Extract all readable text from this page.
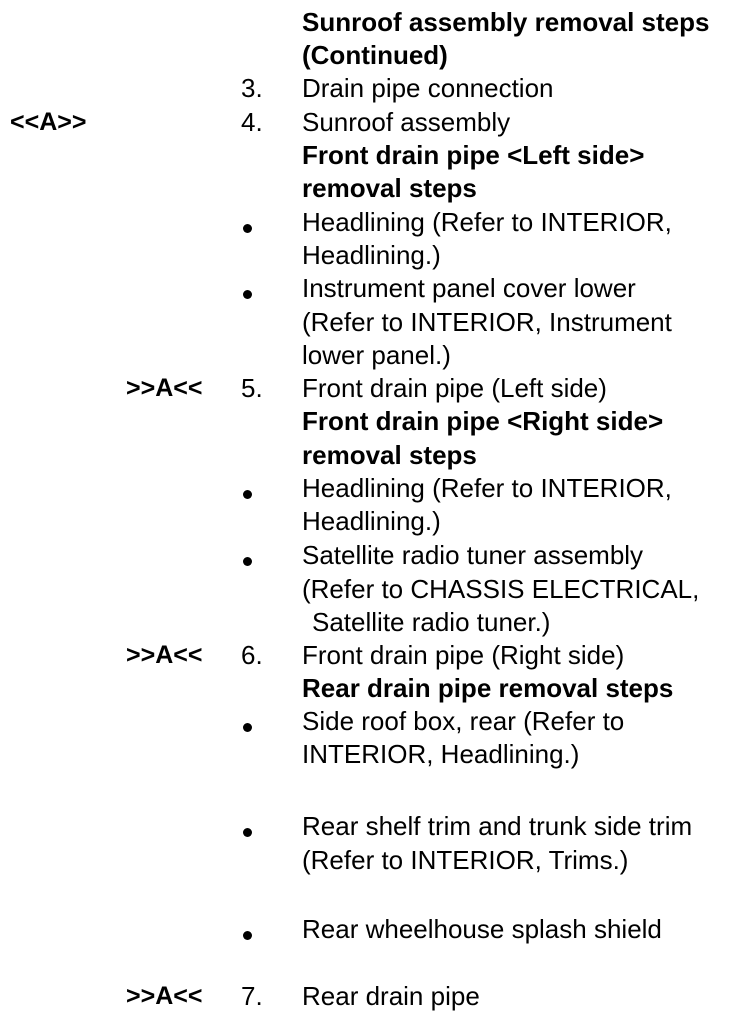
Sunroof assembly removal steps
(Continued)
3. Drain pipe connection
<<A>>	4. Sunroof assembly
Front drain pipe <Left side>
removal steps
Headlining (Refer to INTERIOR,
Headlining.)
Instrument panel cover lower
(Refer to INTERIOR, Instrument
lower panel.)
>>A<< 5. Front drain pipe (Left side)
Front drain pipe <Right side>
removal steps
Headlining (Refer to INTERIOR,
Headlining.)
Satellite radio tuner assembly
(Refer to CHASSIS ELECTRICAL,
Satellite radio tuner.)
>>A<< 6. Front drain pipe (Right side)
Rear drain pipe removal steps
Side roof box, rear (Refer to
INTERIOR, Headlining.)
Rear shelf trim and trunk side trim
(Refer to INTERIOR, Trims.)
Rear wheelhouse splash shield
>>A<< 7. Rear drain pipe
